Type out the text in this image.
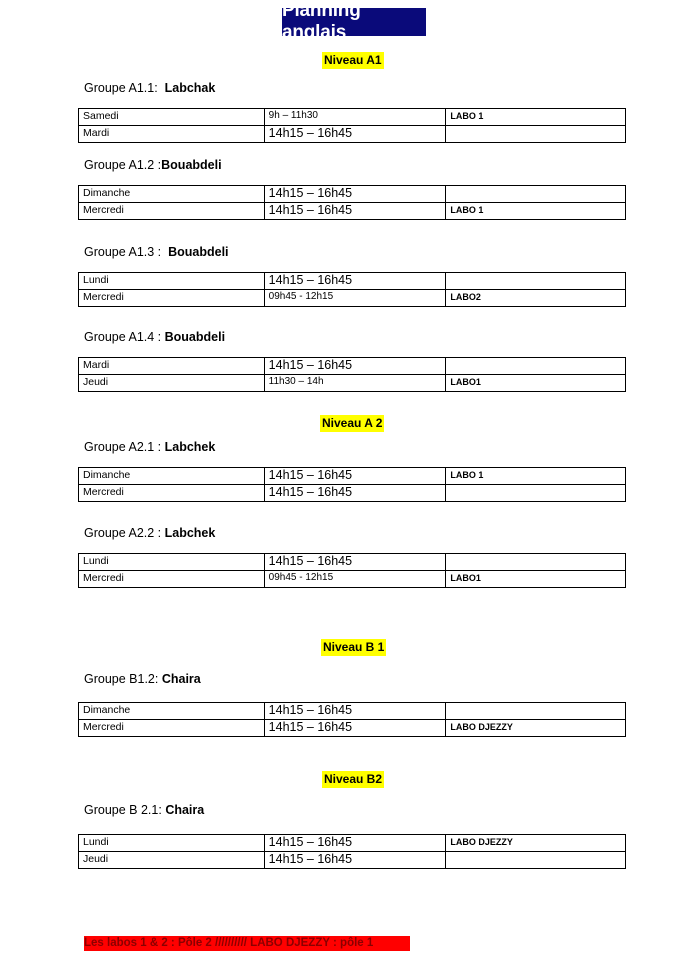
Planning anglais
Niveau A1
Groupe A1.1: Labchak
Samedi	9h – 11h30	LABO 1
Mardi	14h15 – 16h45	
Groupe A1.2 :Bouabdeli
Dimanche	14h15 – 16h45	
Mercredi	14h15 – 16h45	LABO 1
Groupe A1.3 : Bouabdeli
Lundi	14h15 – 16h45	
Mercredi	09h45 - 12h15	LABO2
Groupe A1.4 : Bouabdeli
Mardi	14h15 – 16h45	
Jeudi	11h30 – 14h	LABO1
Niveau A 2
Groupe A2.1 : Labchek
Dimanche	14h15 – 16h45	LABO 1
Mercredi	14h15 – 16h45	
Groupe A2.2 : Labchek
Lundi	14h15 – 16h45	
Mercredi	09h45 - 12h15	LABO1
Niveau B 1
Groupe B1.2: Chaira
Dimanche	14h15 – 16h45	
Mercredi	14h15 – 16h45	LABO DJEZZY
Niveau B2
Groupe B 2.1: Chaira
Lundi	14h15 – 16h45	LABO DJEZZY
Jeudi	14h15 – 16h45	
Les labos 1 & 2 : Pôle 2 ////////// LABO DJEZZY : pôle 1
